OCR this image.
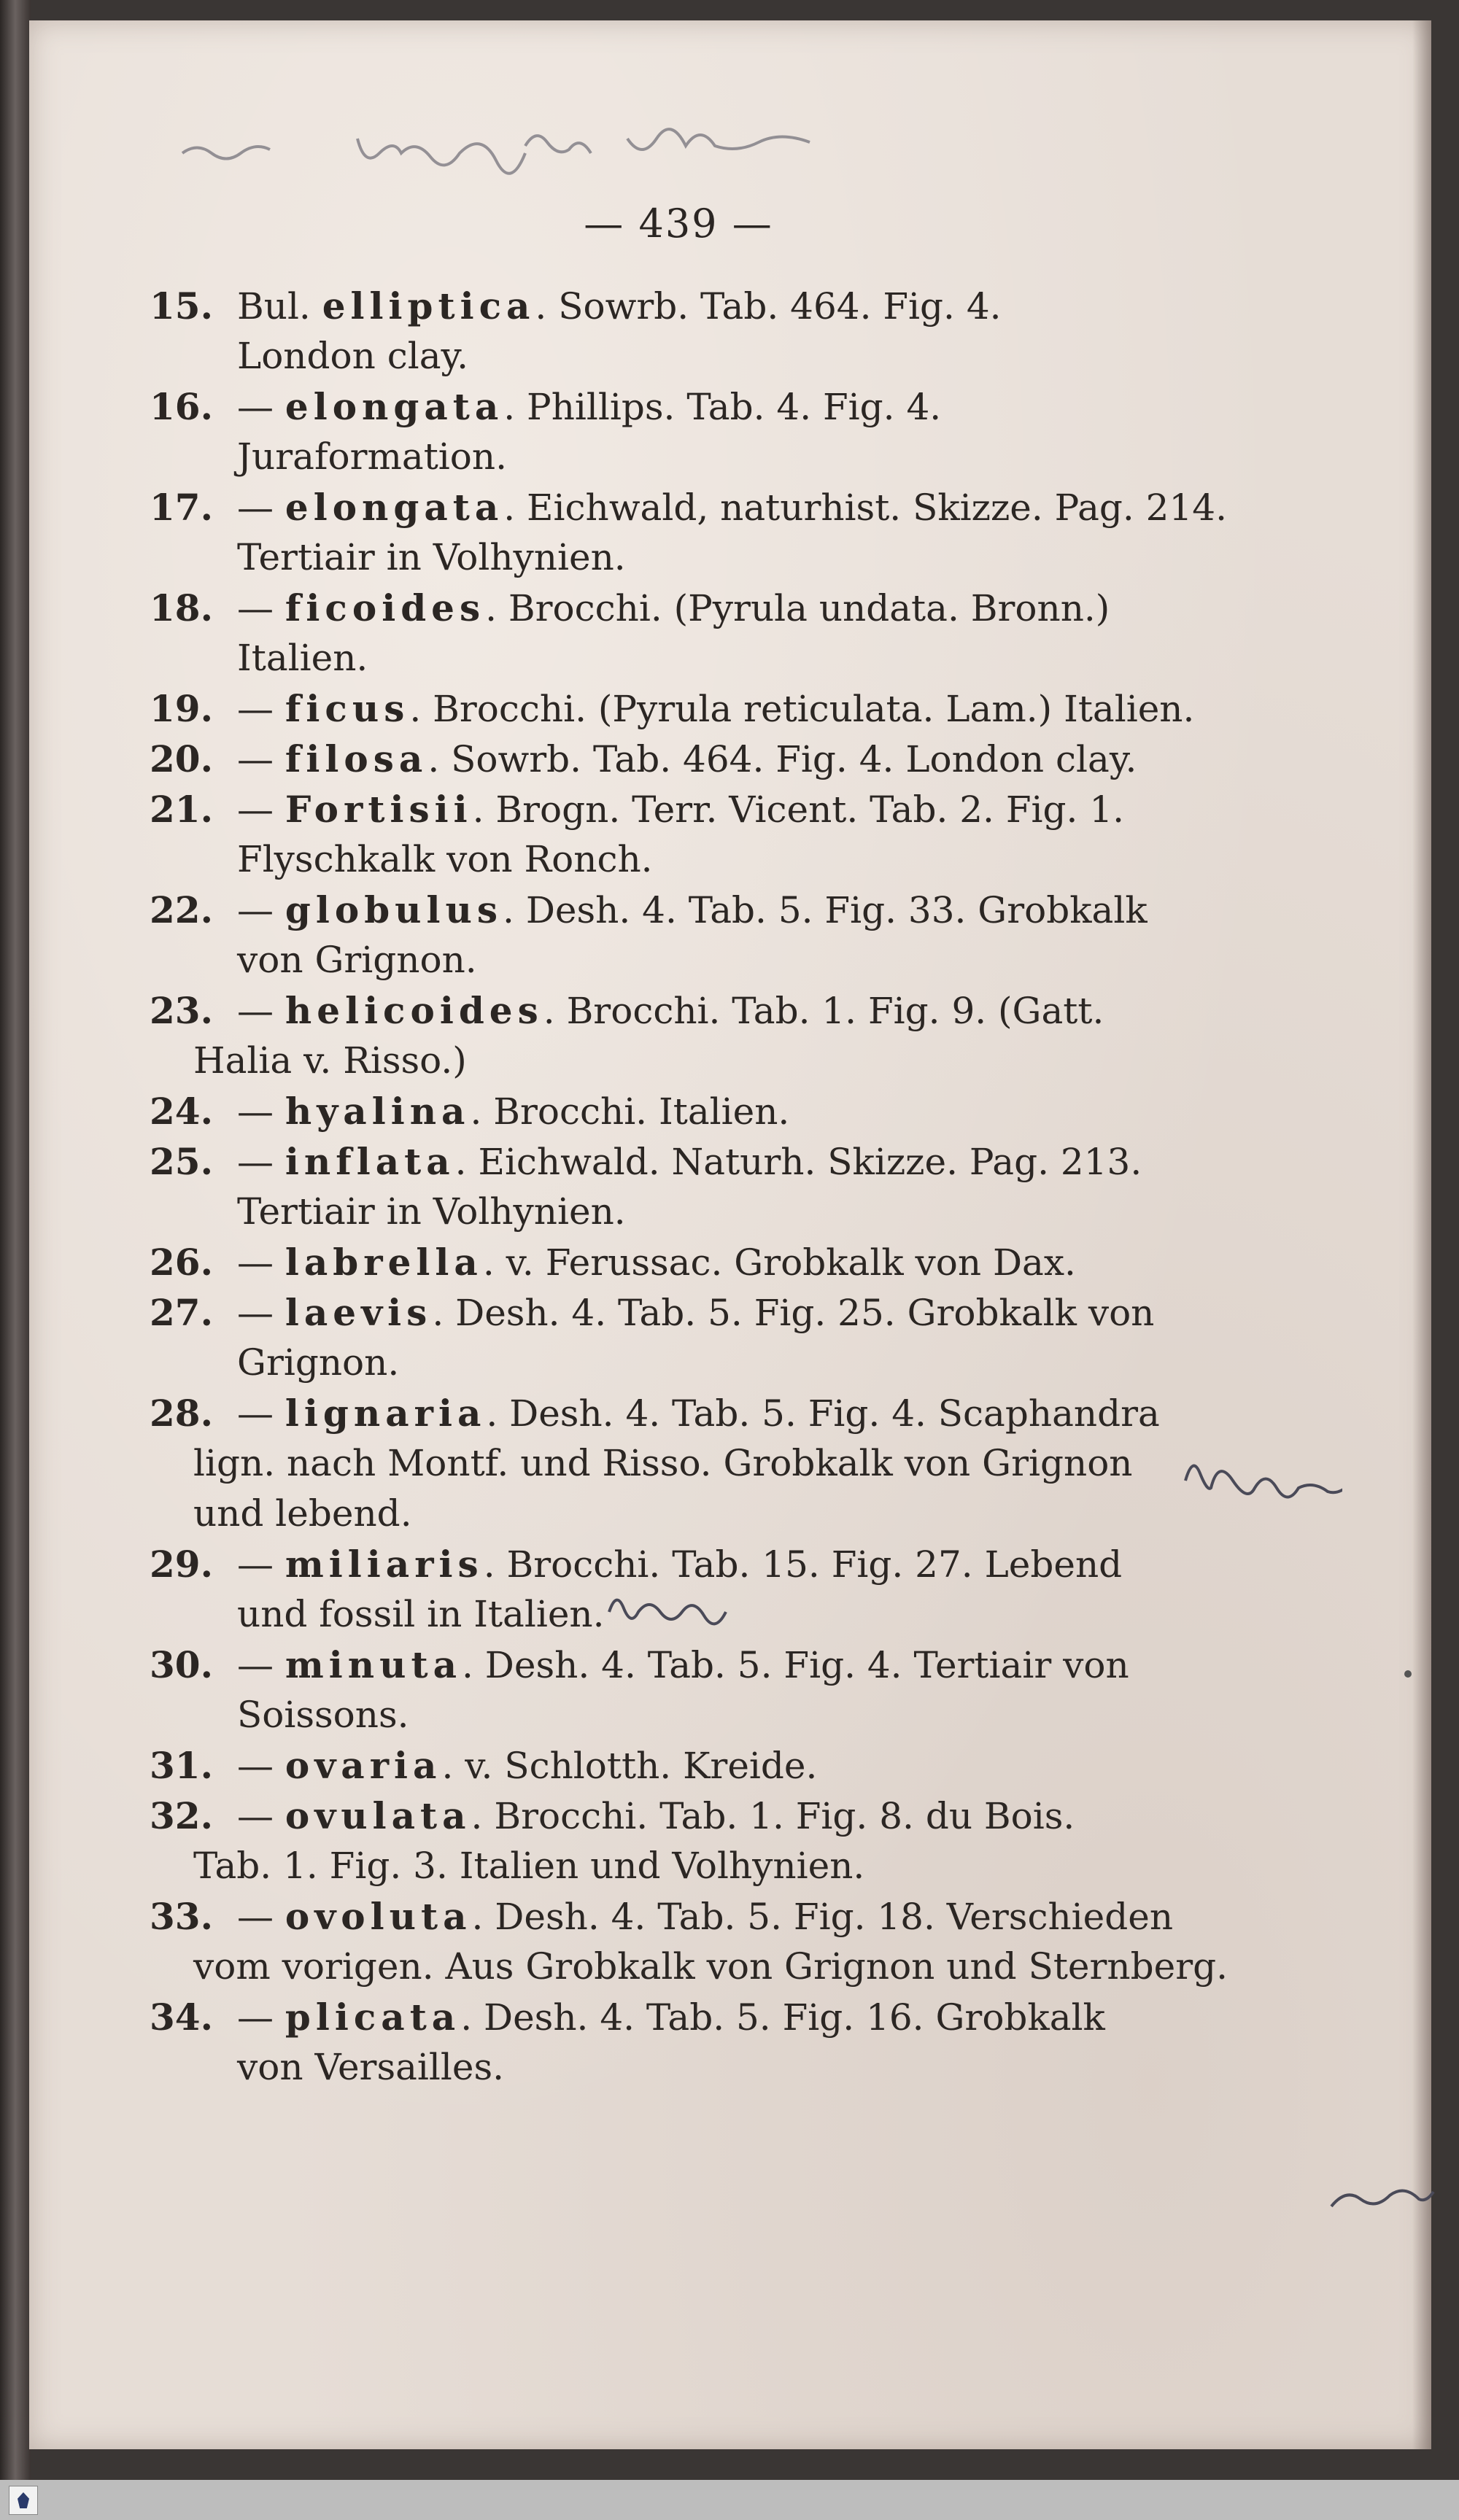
— 439 —
15. Bul. elliptica. Sowrb. Tab. 464. Fig. 4.
London clay.
16. — elongata. Phillips. Tab. 4. Fig. 4.
Juraformation.
17. — elongata. Eichwald, naturhist. Skizze. Pag. 214.
Tertiair in Volhynien.
18. — ficoides. Brocchi. (Pyrula undata. Bronn.)
Italien.
19. — ficus. Brocchi. (Pyrula reticulata. Lam.) Italien.
20. — filosa. Sowrb. Tab. 464. Fig. 4. London clay.
21. — Fortisii. Brogn. Terr. Vicent. Tab. 2. Fig. 1.
Flyschkalk von Ronch.
22. — globulus. Desh. 4. Tab. 5. Fig. 33. Grobkalk
von Grignon.
23. — helicoides. Brocchi. Tab. 1. Fig. 9. (Gatt.
Halia v. Risso.)
24. — hyalina. Brocchi. Italien.
25. — inflata. Eichwald. Naturh. Skizze. Pag. 213.
Tertiair in Volhynien.
26. — labrella. v. Ferussac. Grobkalk von Dax.
27. — laevis. Desh. 4. Tab. 5. Fig. 25. Grobkalk von
Grignon.
28. — lignaria. Desh. 4. Tab. 5. Fig. 4. Scaphandra
lign. nach Montf. und Risso. Grobkalk von Grignon
und lebend.
29. — miliaris. Brocchi. Tab. 15. Fig. 27. Lebend
und fossil in Italien.
30. — minuta. Desh. 4. Tab. 5. Fig. 4. Tertiair von
Soissons.
31. — ovaria. v. Schlotth. Kreide.
32. — ovulata. Brocchi. Tab. 1. Fig. 8. du Bois.
Tab. 1. Fig. 3. Italien und Volhynien.
33. — ovoluta. Desh. 4. Tab. 5. Fig. 18. Verschieden
vom vorigen. Aus Grobkalk von Grignon und Sternberg.
34. — plicata. Desh. 4. Tab. 5. Fig. 16. Grobkalk
von Versailles.
